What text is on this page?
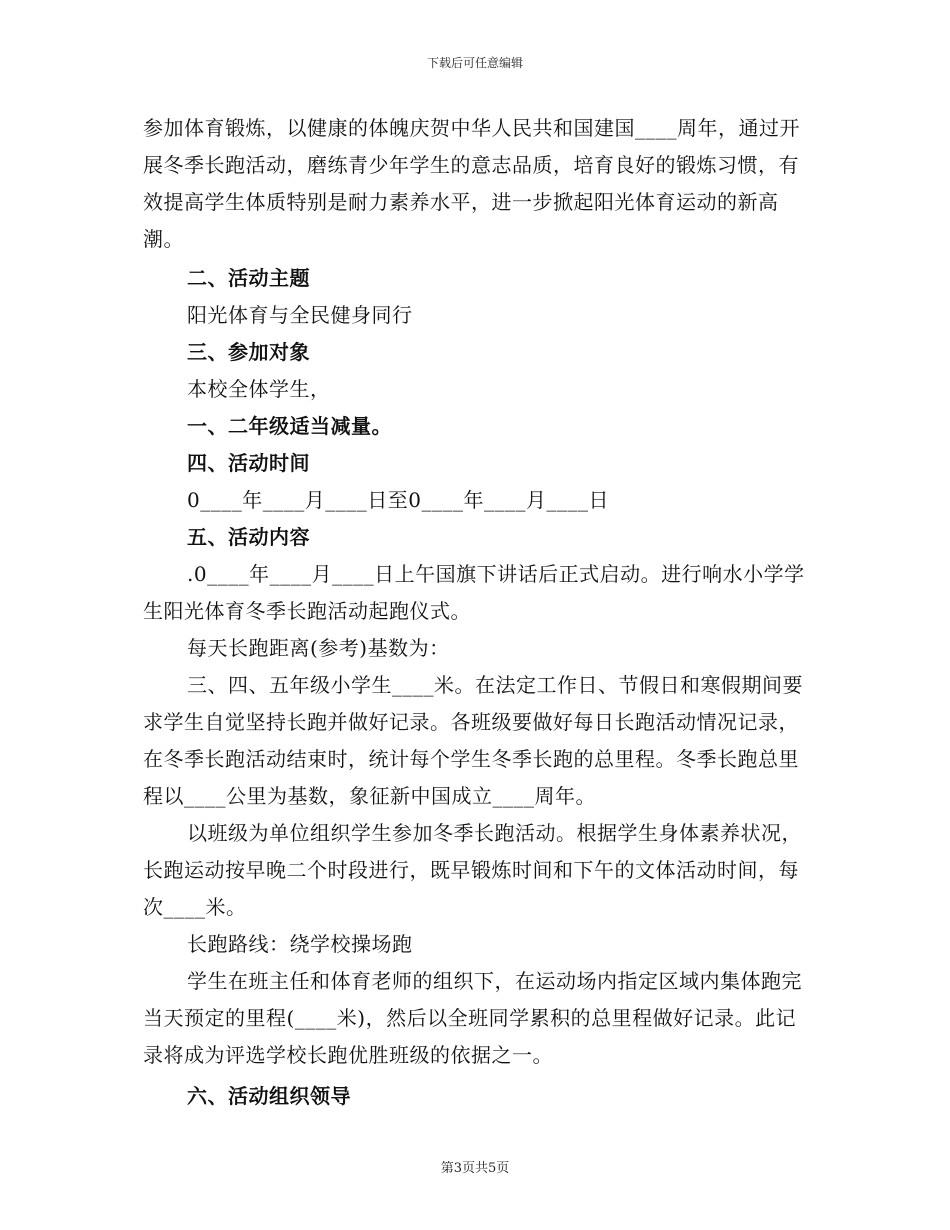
下载后可任意编辑

参加体育锻炼，以健康的体魄庆贺中华人民共和国建国____周年，通过开展冬季长跑活动，磨练青少年学生的意志品质，培育良好的锻炼习惯，有效提高学生体质特别是耐力素养水平，进一步掀起阳光体育运动的新高潮。

二、活动主题

阳光体育与全民健身同行

三、参加对象

本校全体学生，

一、二年级适当减量。

四、活动时间

0____年____月____日至0____年____月____日

五、活动内容

.0____年____月____日上午国旗下讲话后正式启动。进行响水小学学生阳光体育冬季长跑活动起跑仪式。

每天长跑距离(参考)基数为：

三、四、五年级小学生____米。在法定工作日、节假日和寒假期间要求学生自觉坚持长跑并做好记录。各班级要做好每日长跑活动情况记录，在冬季长跑活动结束时，统计每个学生冬季长跑的总里程。冬季长跑总里程以____公里为基数，象征新中国成立____周年。

以班级为单位组织学生参加冬季长跑活动。根据学生身体素养状况，长跑运动按早晚二个时段进行，既早锻炼时间和下午的文体活动时间，每次____米。

长跑路线：绕学校操场跑

学生在班主任和体育老师的组织下，在运动场内指定区域内集体跑完当天预定的里程(____米)，然后以全班同学累积的总里程做好记录。此记录将成为评选学校长跑优胜班级的依据之一。

六、活动组织领导

第3页共5页
